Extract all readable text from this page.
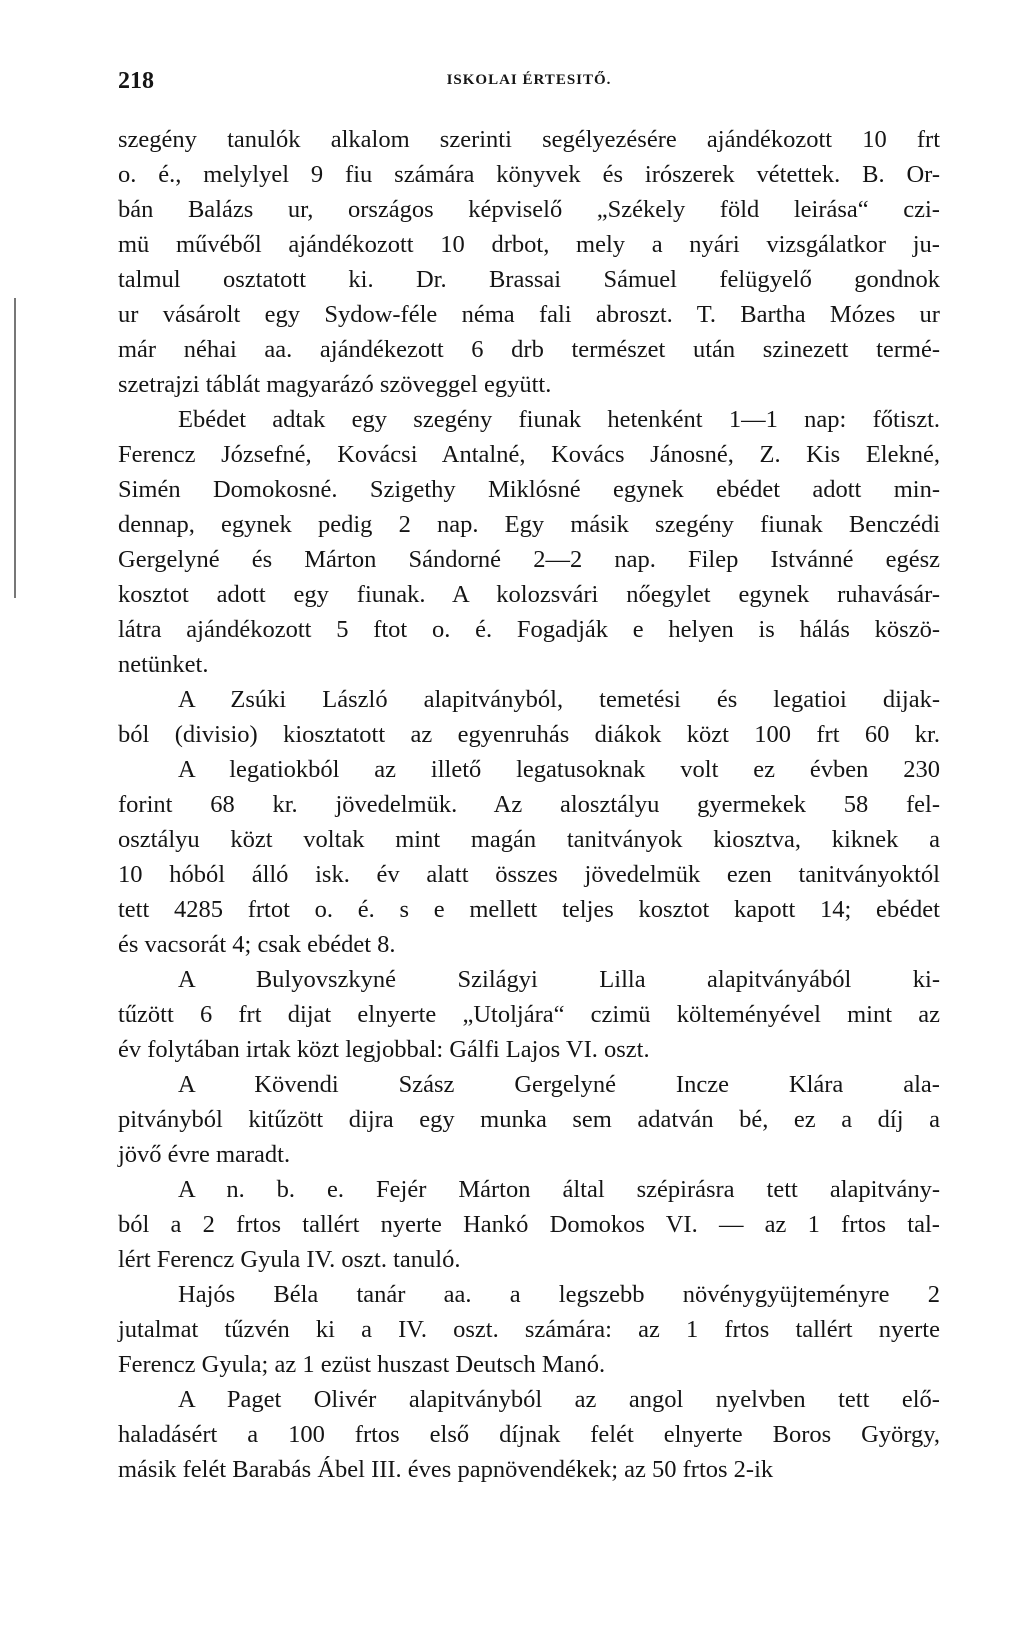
218	ISKOLAI ÉRTESITŐ.
szegény tanulók alkalom szerinti segélyezésére ajándékozott 10 frt
o. é., melylyel 9 fiu számára könyvek és irószerek vétettek. B. Or-
bán Balázs ur, országos képviselő „Székely föld leirása“ czi-
mü művéből ajándékozott 10 drbot, mely a nyári vizsgálatkor ju-
talmul osztatott ki. Dr. Brassai Sámuel felügyelő gondnok
ur vásárolt egy Sydow-féle néma fali abroszt. T. Bartha Mózes ur
már néhai aa. ajándékezott 6 drb természet után szinezett termé-
szetrajzi táblát magyarázó szöveggel együtt.
Ebédet adtak egy szegény fiunak hetenként 1—1 nap: főtiszt.
Ferencz Józsefné, Kovácsi Antalné, Kovács Jánosné, Z. Kis Elekné,
Simén Domokosné. Szigethy Miklósné egynek ebédet adott min-
dennap, egynek pedig 2 nap. Egy másik szegény fiunak Benczédi
Gergelyné és Márton Sándorné 2—2 nap. Filep Istvánné egész
kosztot adott egy fiunak. A kolozsvári nőegylet egynek ruhavásár-
látra ajándékozott 5 ftot o. é. Fogadják e helyen is hálás köszö-
netünket.
A Zsúki László alapitványból, temetési és legatioi dijak-
ból (divisio) kiosztatott az egyenruhás diákok közt 100 frt 60 kr.
A legatiokból az illető legatusoknak volt ez évben 230
forint 68 kr. jövedelmük. Az alosztályu gyermekek 58 fel-
osztályu közt voltak mint magán tanitványok kiosztva, kiknek a
10 hóból álló isk. év alatt összes jövedelmük ezen tanitványoktól
tett 4285 frtot o. é. s e mellett teljes kosztot kapott 14; ebédet
és vacsorát 4; csak ebédet 8.
A Bulyovszkyné Szilágyi Lilla alapitványából ki-
tűzött 6 frt dijat elnyerte „Utoljára“ czimü költeményével mint az
év folytában irtak közt legjobbal: Gálfi Lajos VI. oszt.
A Kövendi Szász Gergelyné Incze Klára ala-
pitványból kitűzött dijra egy munka sem adatván bé, ez a díj a
jövő évre maradt.
A n. b. e. Fejér Márton által szépirásra tett alapitvány-
ból a 2 frtos tallért nyerte Hankó Domokos VI. — az 1 frtos tal-
lért Ferencz Gyula IV. oszt. tanuló.
Hajós Béla tanár aa. a legszebb növénygyüjteményre 2
jutalmat tűzvén ki a IV. oszt. számára: az 1 frtos tallért nyerte
Ferencz Gyula; az 1 ezüst huszast Deutsch Manó.
A Paget Olivér alapitványból az angol nyelvben tett elő-
haladásért a 100 frtos első díjnak felét elnyerte Boros György,
másik felét Barabás Ábel III. éves papnövendékek; az 50 frtos 2-ik
